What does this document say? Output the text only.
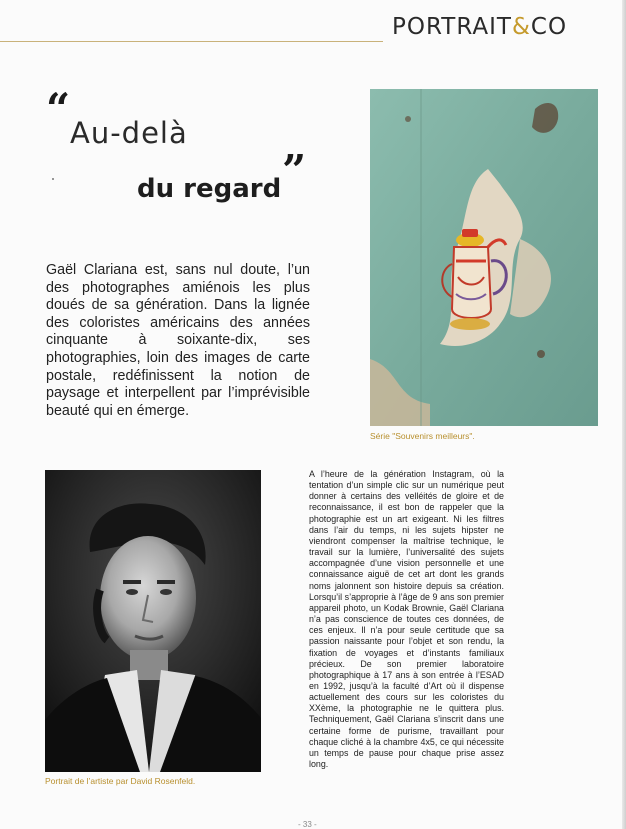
PORTRAIT&CO
“ Au-delà
”
du regard

Gaël Clariana est, sans nul doute, l’un des photographes amiénois les plus doués de sa génération. Dans la lignée des coloristes américains des années cinquante à soixante-dix, ses photographies, loin des images de carte postale, redéfinissent la notion de paysage et interpellent par l’imprévisible beauté qui en émerge.

Série "Souvenirs meilleurs".
Portrait de l’artiste par David Rosenfeld.

A l’heure de la génération Instagram, où la tentation d’un simple clic sur un numérique peut donner à certains des velléités de gloire et de reconnaissance, il est bon de rappeler que la photographie est un art exigeant. Ni les filtres dans l’air du temps, ni les sujets hipster ne viendront compenser la maîtrise technique, le travail sur la lumière, l’universalité des sujets accompagnée d’une vision personnelle et une connaissance aiguë de cet art dont les grands noms jalonnent son histoire depuis sa création. Lorsqu’il s’approprie à l’âge de 9 ans son premier appareil photo, un Kodak Brownie, Gaël Clariana n’a pas conscience de toutes ces données, de ces enjeux. Il n’a pour seule certitude que sa passion naissante pour l’objet et son rendu, la fixation de voyages et d’instants familiaux précieux. De son premier laboratoire photographique à 17 ans à son entrée à l’ESAD en 1992, jusqu’à la faculté d’Art où il dispense actuellement des cours sur les coloristes du XXème, la photographie ne le quittera plus. Techniquement, Gaël Clariana s’inscrit dans une certaine forme de purisme, travaillant pour chaque cliché à la chambre 4x5, ce qui nécessite un temps de pause pour chaque prise assez long.

- 33 -
